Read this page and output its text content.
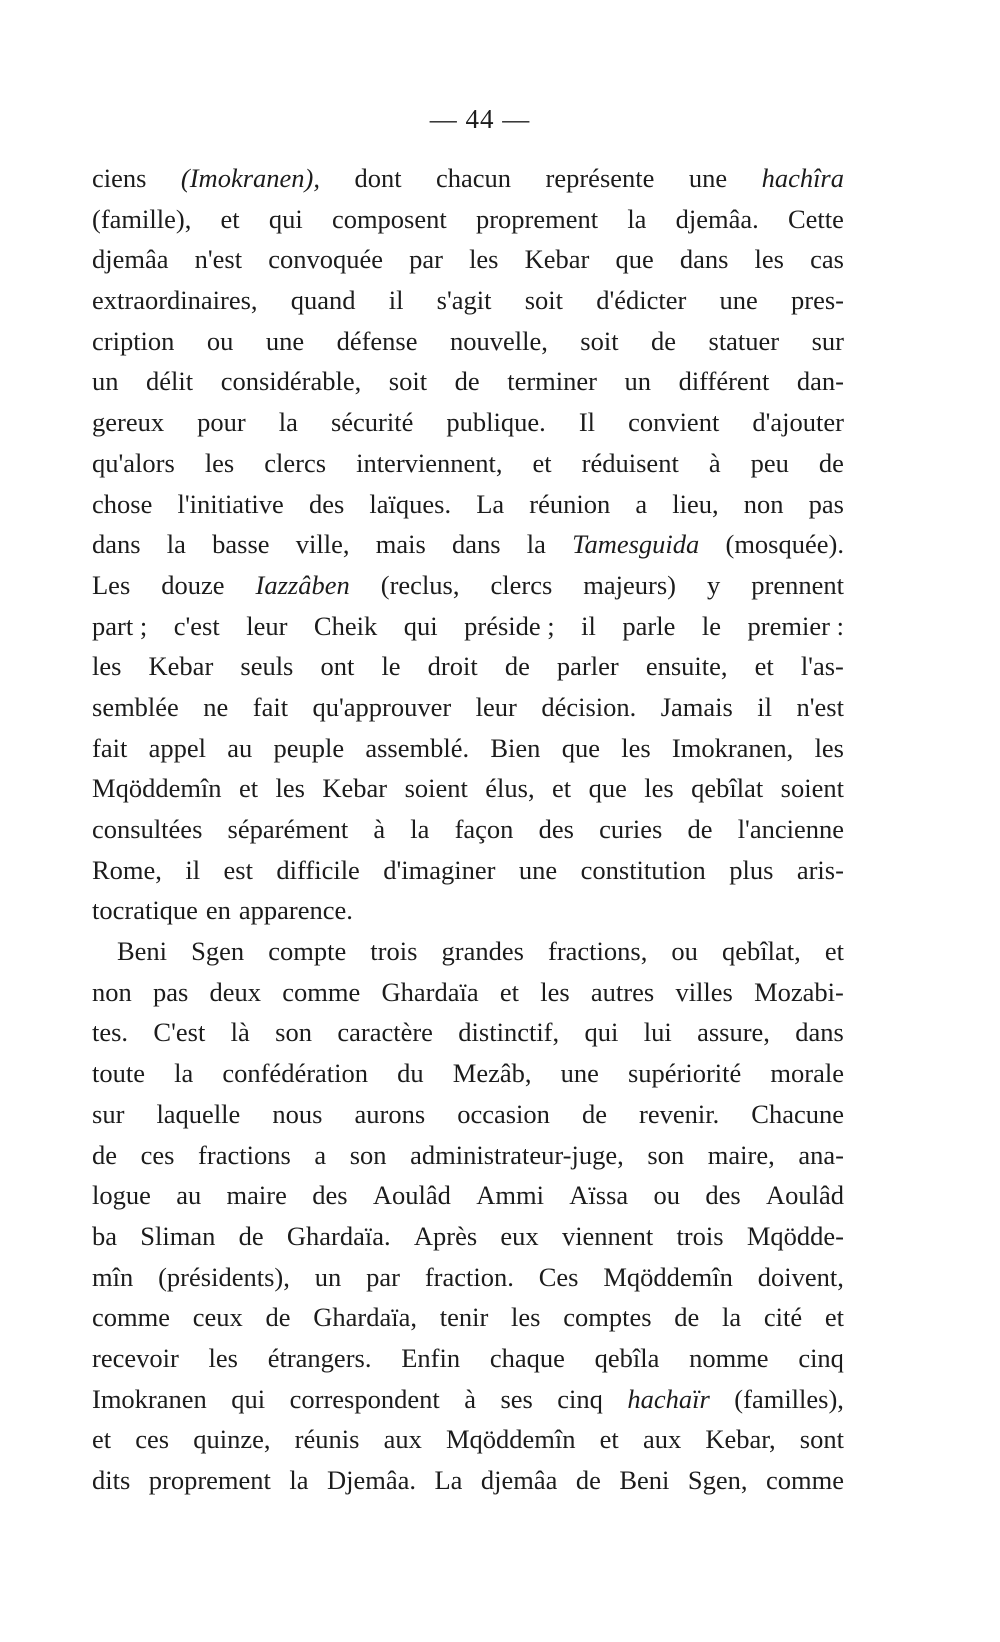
— 44 —
ciens (Imokranen), dont chacun représente une hachîra
(famille), et qui composent proprement la djemâa. Cette
djemâa n'est convoquée par les Kebar que dans les cas
extraordinaires, quand il s'agit soit d'édicter une pres-
cription ou une défense nouvelle, soit de statuer sur
un délit considérable, soit de terminer un différent dan-
gereux pour la sécurité publique. Il convient d'ajouter
qu'alors les clercs interviennent, et réduisent à peu de
chose l'initiative des laïques. La réunion a lieu, non pas
dans la basse ville, mais dans la Tamesguida (mosquée).
Les douze Iazzâben (reclus, clercs majeurs) y prennent
part ; c'est leur Cheik qui préside ; il parle le premier :
les Kebar seuls ont le droit de parler ensuite, et l'as-
semblée ne fait qu'approuver leur décision. Jamais il n'est
fait appel au peuple assemblé. Bien que les Imokranen, les
Mqöddemîn et les Kebar soient élus, et que les qebîlat soient
consultées séparément à la façon des curies de l'ancienne
Rome, il est difficile d'imaginer une constitution plus aris-
tocratique en apparence.
Beni Sgen compte trois grandes fractions, ou qebîlat, et
non pas deux comme Ghardaïa et les autres villes Mozabi-
tes. C'est là son caractère distinctif, qui lui assure, dans
toute la confédération du Mezâb, une supériorité morale
sur laquelle nous aurons occasion de revenir. Chacune
de ces fractions a son administrateur-juge, son maire, ana-
logue au maire des Aoulâd Ammi Aïssa ou des Aoulâd
ba Sliman de Ghardaïa. Après eux viennent trois Mqödde-
mîn (présidents), un par fraction. Ces Mqöddemîn doivent,
comme ceux de Ghardaïa, tenir les comptes de la cité et
recevoir les étrangers. Enfin chaque qebîla nomme cinq
Imokranen qui correspondent à ses cinq hachaïr (familles),
et ces quinze, réunis aux Mqöddemîn et aux Kebar, sont
dits proprement la Djemâa. La djemâa de Beni Sgen, comme
